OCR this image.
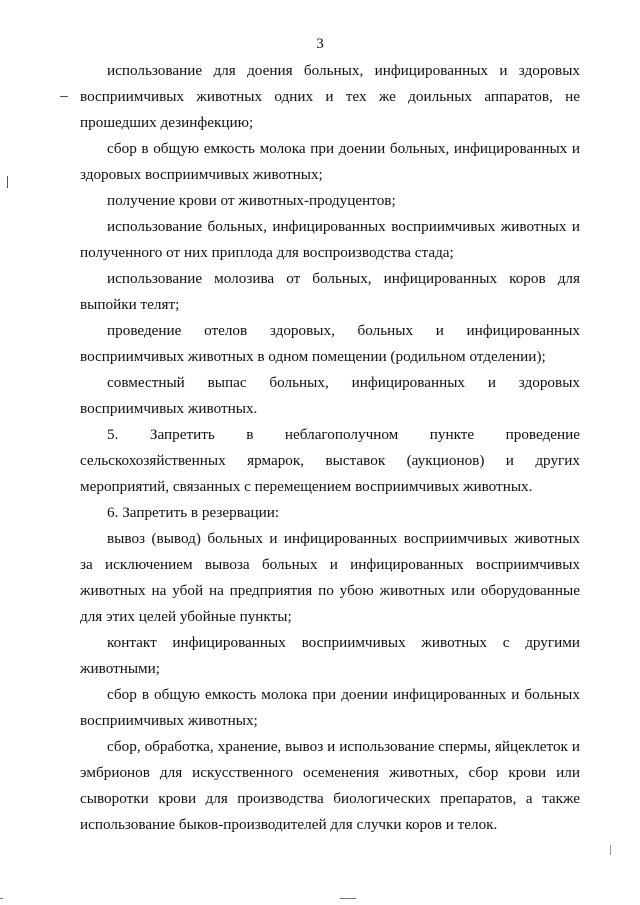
3

использование для доения больных, инфицированных и здоровых восприимчивых животных одних и тех же доильных аппаратов, не прошедших дезинфекцию;

сбор в общую емкость молока при доении больных, инфицированных и здоровых восприимчивых животных;

получение крови от животных-продуцентов;

использование больных, инфицированных восприимчивых животных и полученного от них приплода для воспроизводства стада;

использование молозива от больных, инфицированных коров для выпойки телят;

проведение отелов здоровых, больных и инфицированных восприимчивых животных в одном помещении (родильном отделении);

совместный выпас больных, инфицированных и здоровых восприимчивых животных.

5. Запретить в неблагополучном пункте проведение сельскохозяйственных ярмарок, выставок (аукционов) и других мероприятий, связанных с перемещением восприимчивых животных.

6. Запретить в резервации:

вывоз (вывод) больных и инфицированных восприимчивых животных за исключением вывоза больных и инфицированных восприимчивых животных на убой на предприятия по убою животных или оборудованные для этих целей убойные пункты;

контакт инфицированных восприимчивых животных с другими животными;

сбор в общую емкость молока при доении инфицированных и больных восприимчивых животных;

сбор, обработка, хранение, вывоз и использование спермы, яйцеклеток и эмбрионов для искусственного осеменения животных, сбор крови или сыворотки крови для производства биологических препаратов, а также использование быков-производителей для случки коров и телок.
